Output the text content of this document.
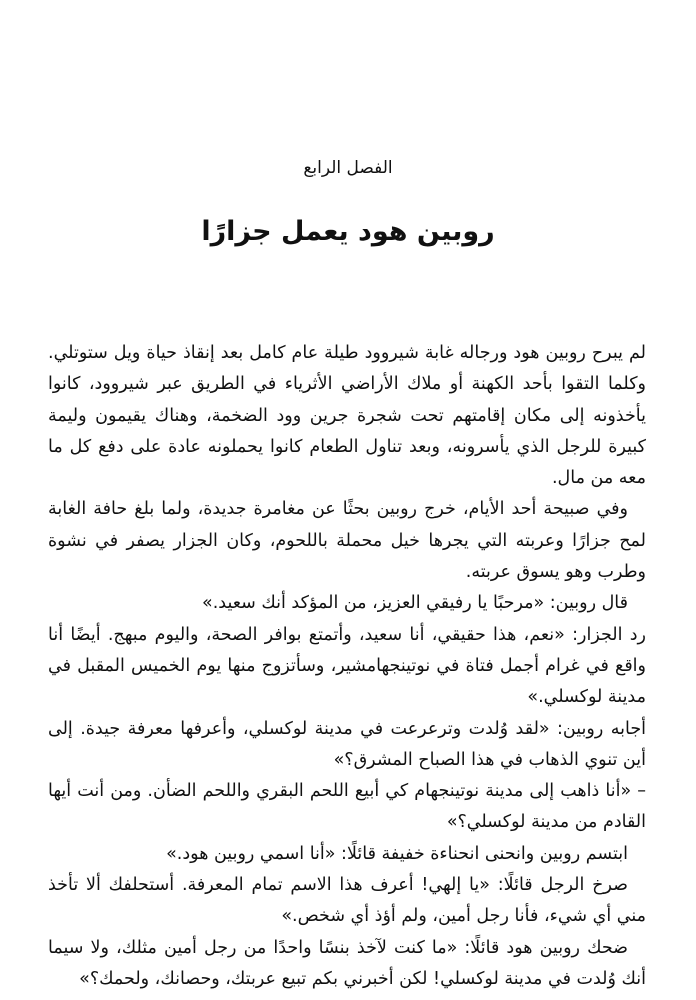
الفصل الرابع
روبين هود يعمل جزارًا

لم يبرح روبين هود ورجاله غابة شيروود طيلة عام كامل بعد إنقاذ حياة ويل ستوتلي. وكلما التقوا بأحد الكهنة أو ملاك الأراضي الأثرياء في الطريق عبر شيروود، كانوا يأخذونه إلى مكان إقامتهم تحت شجرة جرين وود الضخمة، وهناك يقيمون وليمة كبيرة للرجل الذي يأسرونه، وبعد تناول الطعام كانوا يحملونه عادة على دفع كل ما معه من مال.

وفي صبيحة أحد الأيام، خرج روبين بحثًا عن مغامرة جديدة، ولما بلغ حافة الغابة لمح جزارًا وعربته التي يجرها خيل محملة باللحوم، وكان الجزار يصفر في نشوة وطرب وهو يسوق عربته.

قال روبين: «مرحبًا يا رفيقي العزيز، من المؤكد أنك سعيد.»

رد الجزار: «نعم، هذا حقيقي، أنا سعيد، وأتمتع بوافر الصحة، واليوم مبهج. أيضًا أنا واقع في غرام أجمل فتاة في نوتينجهامشير، وسأتزوج منها يوم الخميس المقبل في مدينة لوكسلي.»

أجابه روبين: «لقد وُلدت وترعرعت في مدينة لوكسلي، وأعرفها معرفة جيدة. إلى أين تنوي الذهاب في هذا الصباح المشرق؟»

– «أنا ذاهب إلى مدينة نوتينجهام كي أبيع اللحم البقري واللحم الضأن. ومن أنت أيها القادم من مدينة لوكسلي؟»

ابتسم روبين وانحنى انحناءة خفيفة قائلًا: «أنا اسمي روبين هود.»

صرخ الرجل قائلًا: «يا إلهي! أعرف هذا الاسم تمام المعرفة. أستحلفك ألا تأخذ مني أي شيء، فأنا رجل أمين، ولم أؤذ أي شخص.»

ضحك روبين هود قائلًا: «ما كنت لآخذ بنسًا واحدًا من رجل أمين مثلك، ولا سيما أنك وُلدت في مدينة لوكسلي! لكن أخبرني بكم تبيع عربتك، وحصانك، ولحمك؟»
